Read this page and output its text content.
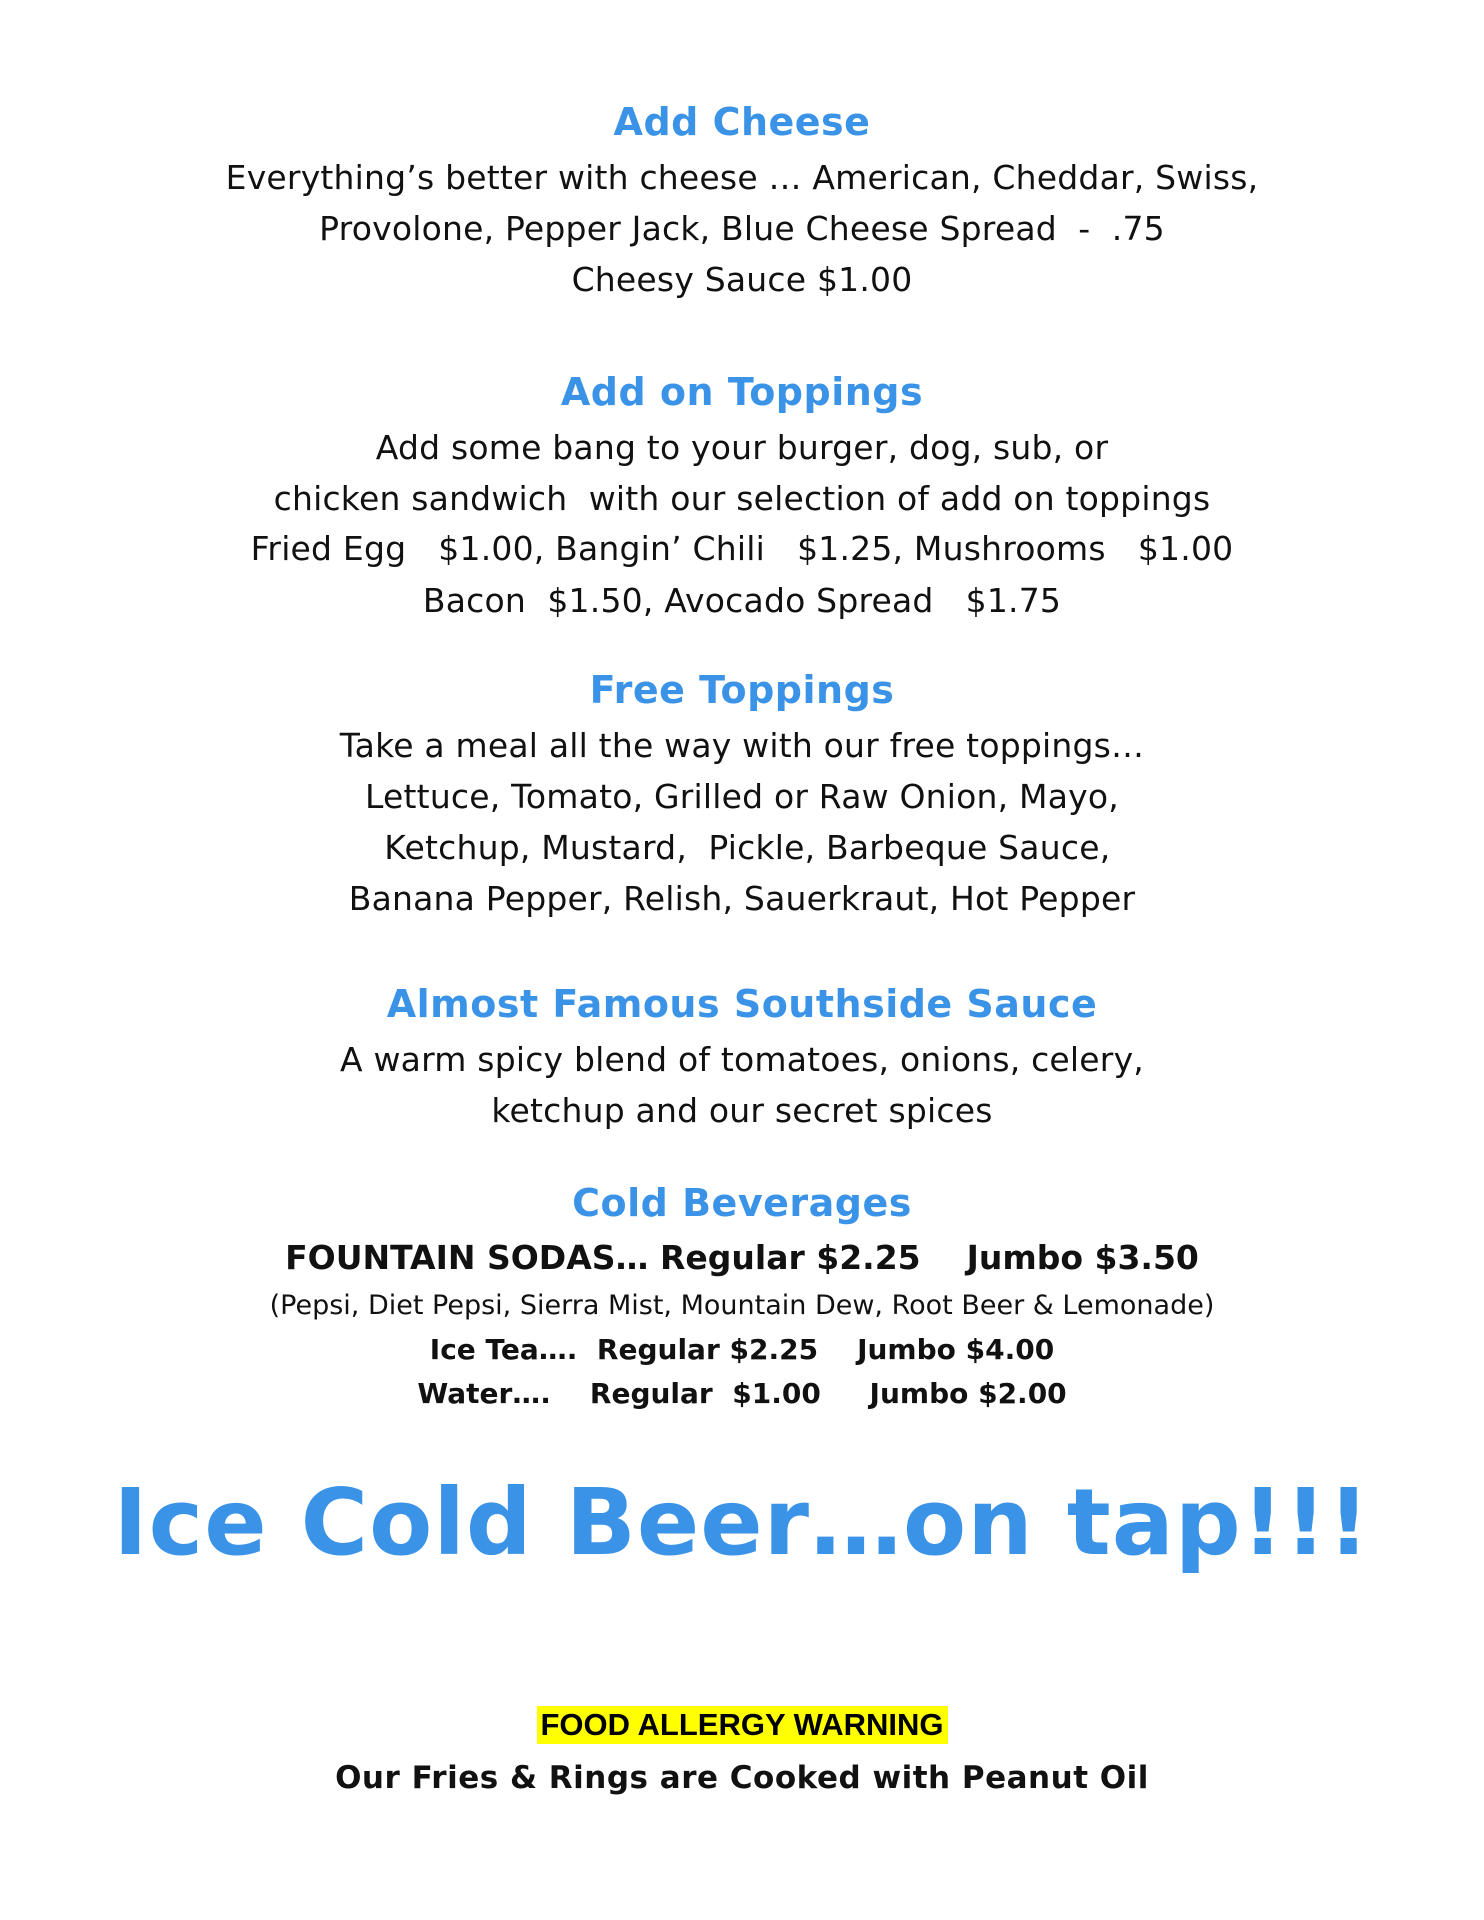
Add Cheese
Everything’s better with cheese … American, Cheddar, Swiss,
Provolone, Pepper Jack, Blue Cheese Spread  -  .75
Cheesy Sauce $1.00
Add on Toppings
Add some bang to your burger, dog, sub, or
chicken sandwich  with our selection of add on toppings
Fried Egg   $1.00, Bangin’ Chili   $1.25, Mushrooms   $1.00
Bacon  $1.50, Avocado Spread   $1.75
Free Toppings
Take a meal all the way with our free toppings…
Lettuce, Tomato, Grilled or Raw Onion, Mayo,
Ketchup, Mustard,  Pickle, Barbeque Sauce,
Banana Pepper, Relish, Sauerkraut, Hot Pepper
Almost Famous Southside Sauce
A warm spicy blend of tomatoes, onions, celery,
ketchup and our secret spices
Cold Beverages
FOUNTAIN SODAS… Regular $2.25    Jumbo $3.50
(Pepsi, Diet Pepsi, Sierra Mist, Mountain Dew, Root Beer & Lemonade)
Ice Tea….  Regular $2.25    Jumbo $4.00
Water….    Regular  $1.00     Jumbo $2.00
Ice Cold Beer…on tap!!!
FOOD ALLERGY WARNING
Our Fries & Rings are Cooked with Peanut Oil
